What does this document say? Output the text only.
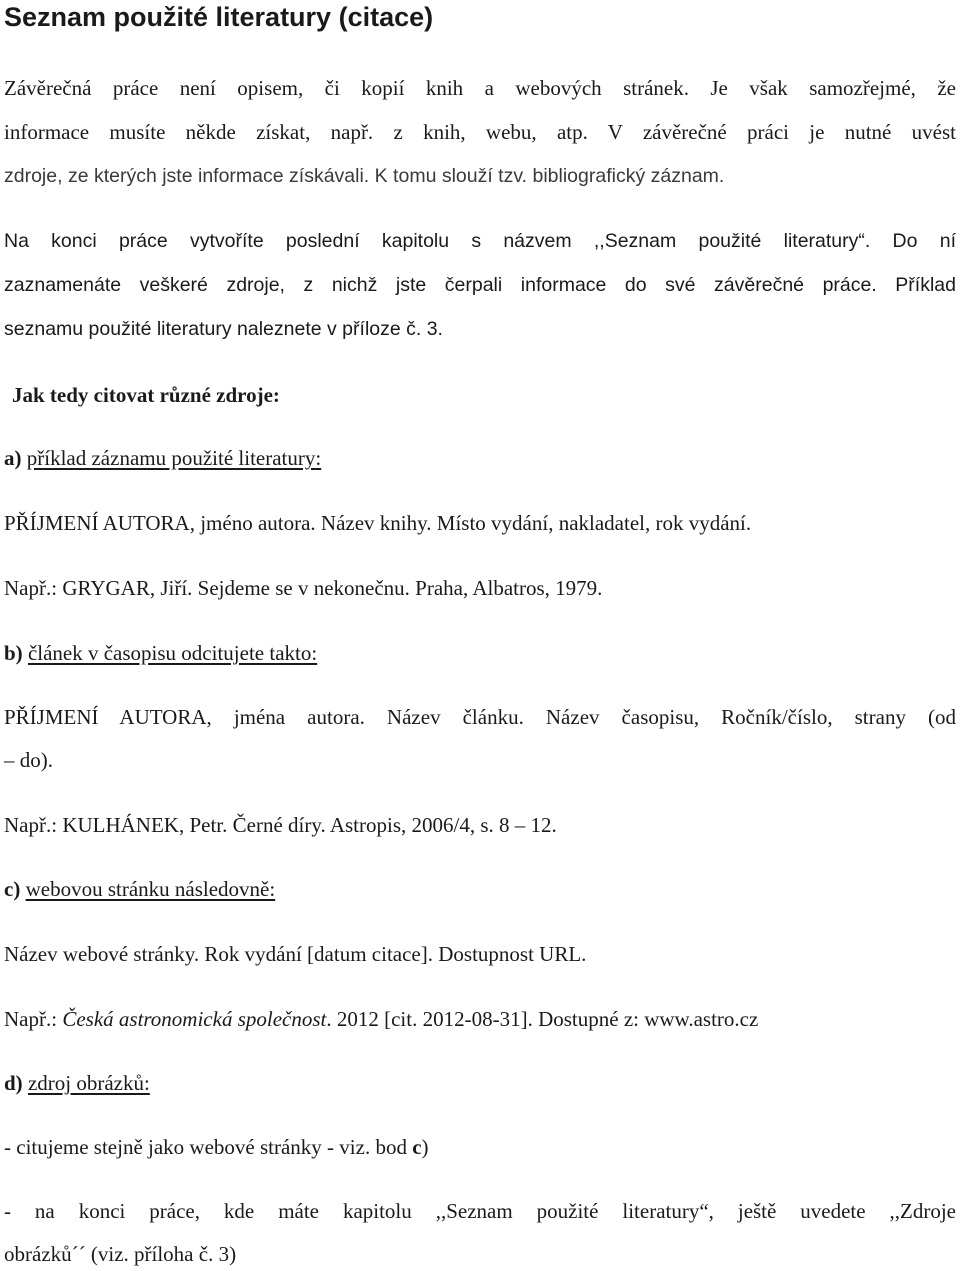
Seznam použité literatury (citace)
Závěrečná práce není opisem, či kopií knih a webových stránek. Je však samozřejmé, že
informace musíte někde získat, např. z knih, webu, atp. V závěrečné práci je nutné uvést
zdroje, ze kterých jste informace získávali. K tomu slouží tzv. bibliografický záznam.
Na konci práce vytvoříte poslední kapitolu s názvem ,,Seznam použité literatury“. Do ní
zaznamenáte veškeré zdroje, z nichž jste čerpali informace do své závěrečné práce. Příklad
seznamu použité literatury naleznete v příloze č. 3.

Jak tedy citovat různé zdroje:

a) příklad záznamu použité literatury:

PŘÍJMENÍ AUTORA, jméno autora. Název knihy. Místo vydání, nakladatel, rok vydání.

Např.: GRYGAR, Jiří. Sejdeme se v nekonečnu. Praha, Albatros, 1979.

b) článek v časopisu odcitujete takto:

PŘÍJMENÍ AUTORA, jména autora. Název článku. Název časopisu, Ročník/číslo, strany (od

– do).

Např.: KULHÁNEK, Petr. Černé díry. Astropis, 2006/4, s. 8 – 12.

c) webovou stránku následovně:

Název webové stránky. Rok vydání [datum citace]. Dostupnost URL.

Např.: Česká astronomická společnost. 2012 [cit. 2012-08-31]. Dostupné z: www.astro.cz

d) zdroj obrázků:

- citujeme stejně jako webové stránky - viz. bod c)

- na konci práce, kde máte kapitolu ,,Seznam použité literatury“, ještě uvedete ,,Zdroje

obrázků´´ (viz. příloha č. 3)
